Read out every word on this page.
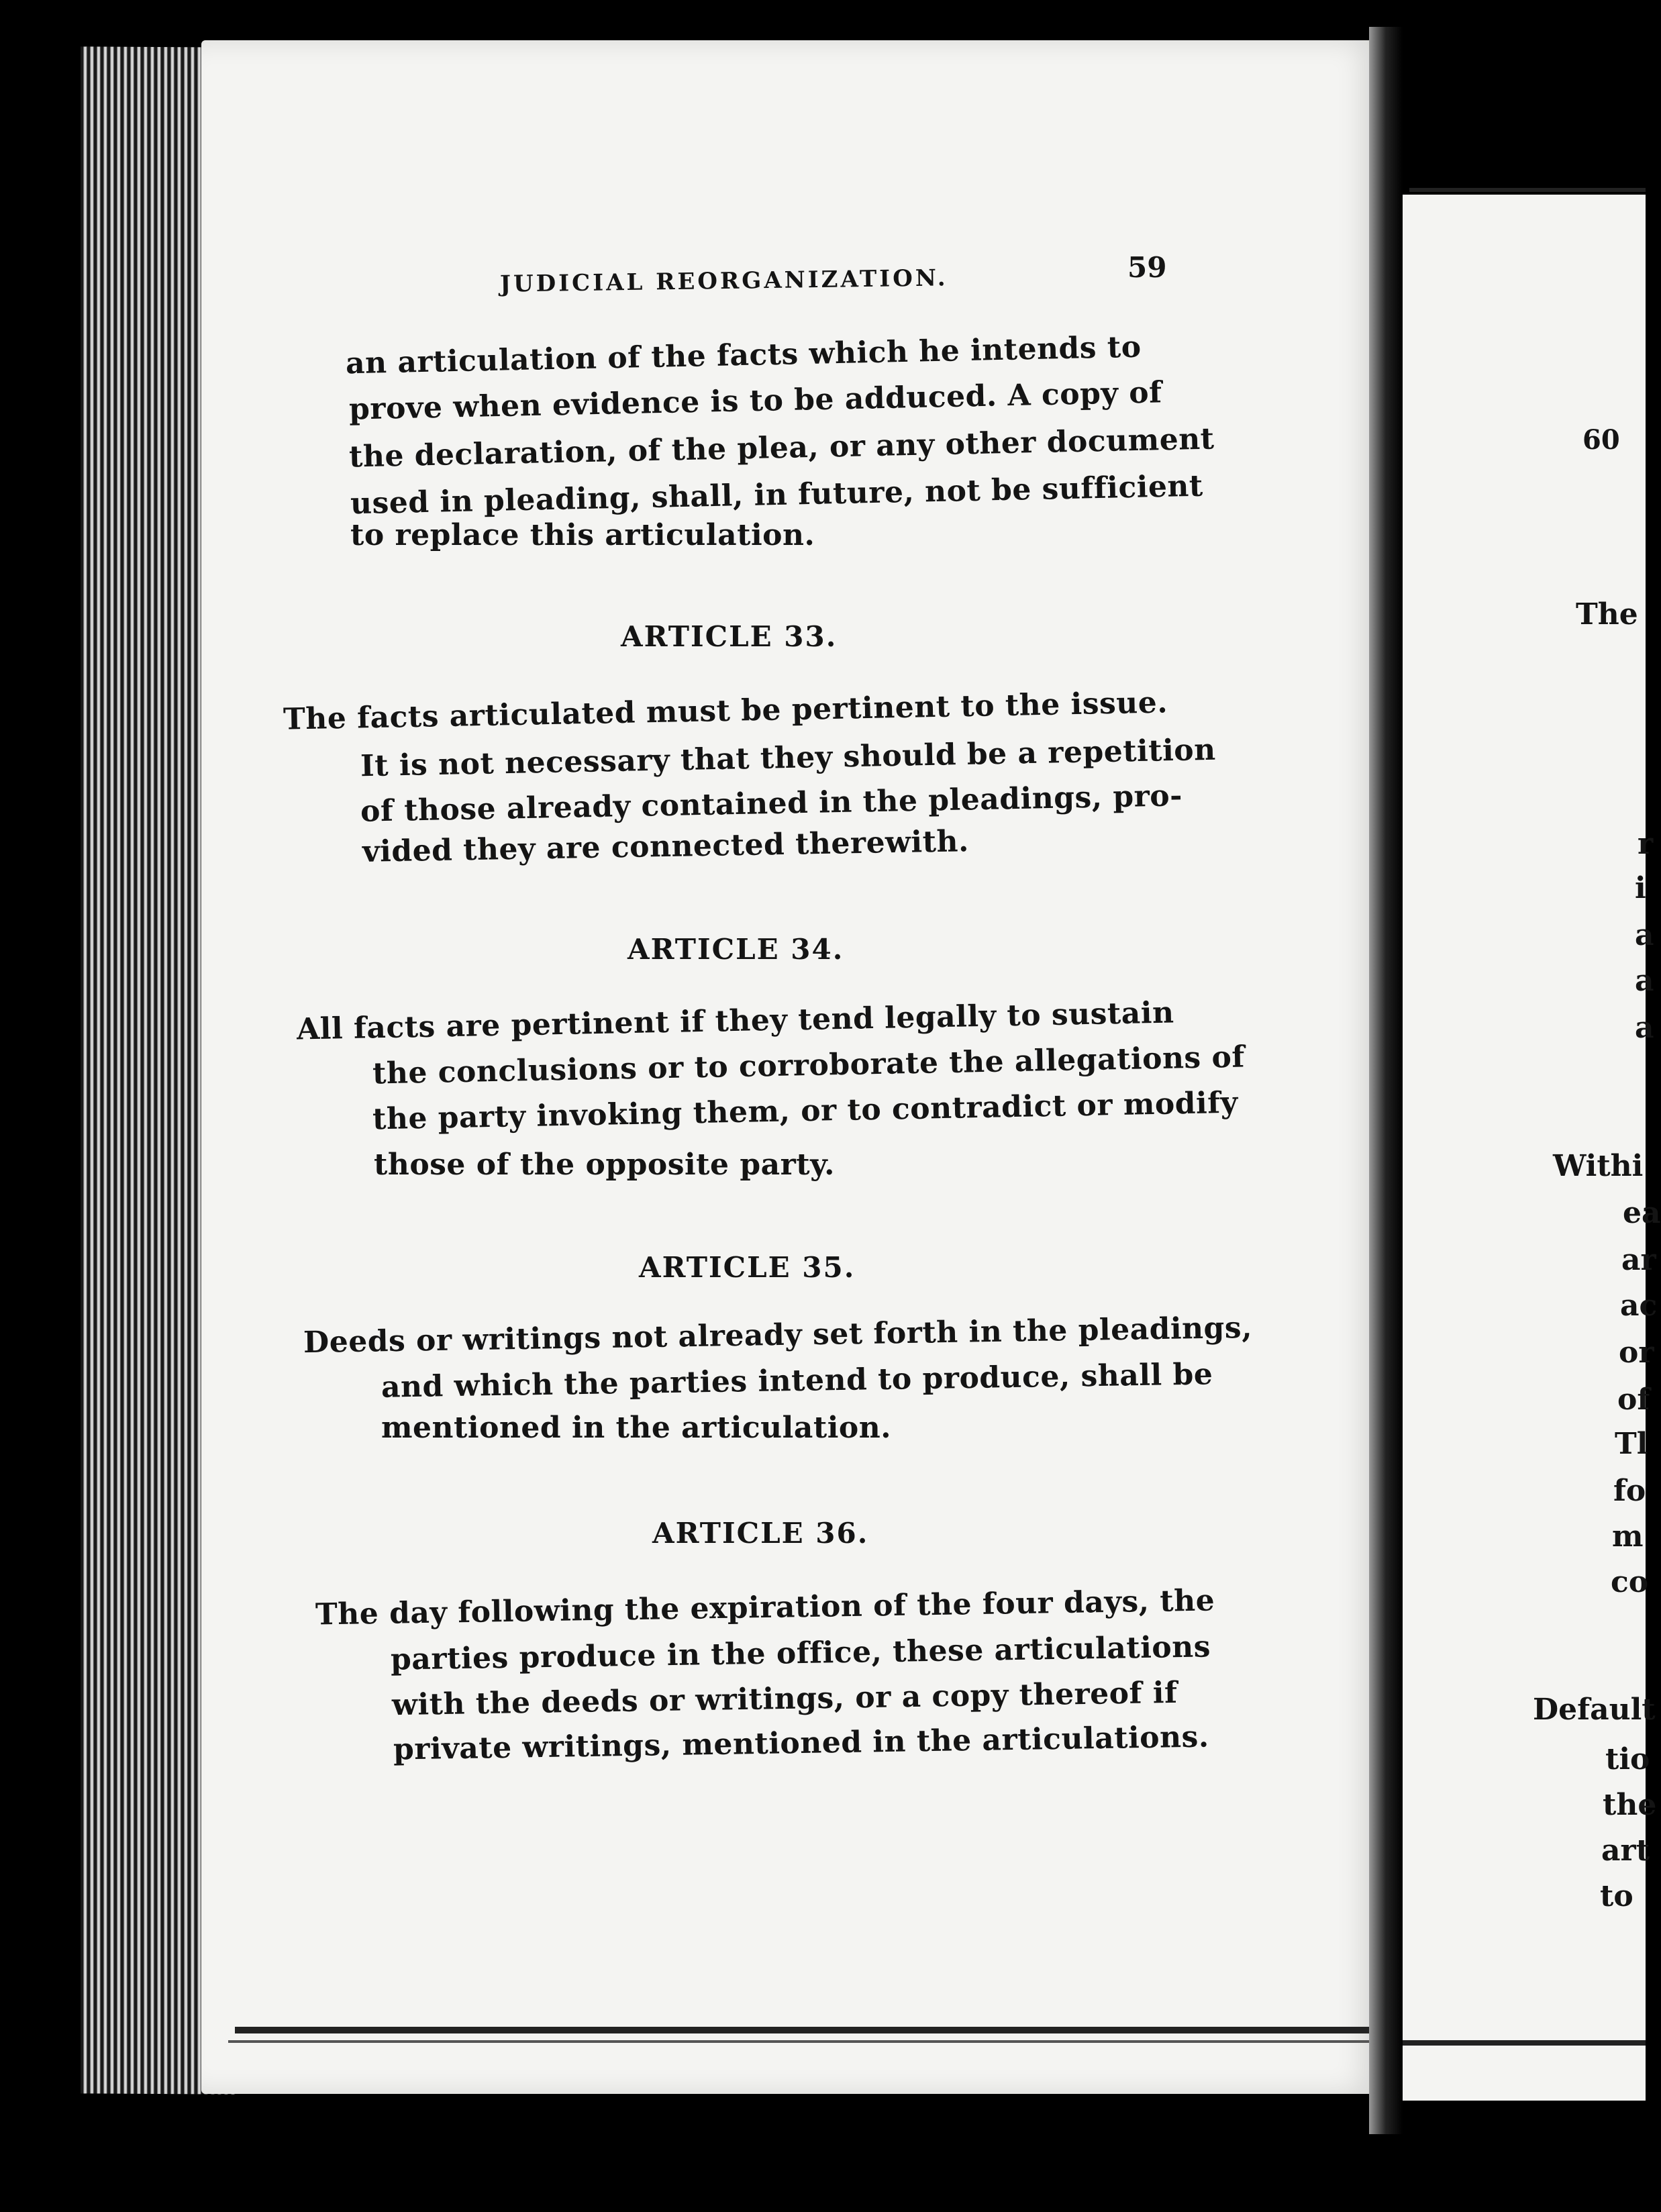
JUDICIAL REORGANIZATION.	59
an articulation of the facts which he intends to
prove when evidence is to be adduced. A copy of
the declaration, of the plea, or any other document
used in pleading, shall, in future, not be sufficient
to replace this articulation.
ARTICLE 33.
The facts articulated must be pertinent to the issue.
It is not necessary that they should be a repetition
of those already contained in the pleadings, pro-
vided they are connected therewith.
ARTICLE 34.
All facts are pertinent if they tend legally to sustain
the conclusions or to corroborate the allegations of
the party invoking them, or to contradict or modify
those of the opposite party.
ARTICLE 35.
Deeds or writings not already set forth in the pleadings,
and which the parties intend to produce, shall be
mentioned in the articulation.
ARTICLE 36.
The day following the expiration of the four days, the
parties produce in the office, these articulations
with the deeds or writings, or a copy thereof if
private writings, mentioned in the articulations.
60
The
r
i
a
a
a
Withi
ea
ar
ac
or
of
Tl
fo
m
co
Default
tio
the
art
to
